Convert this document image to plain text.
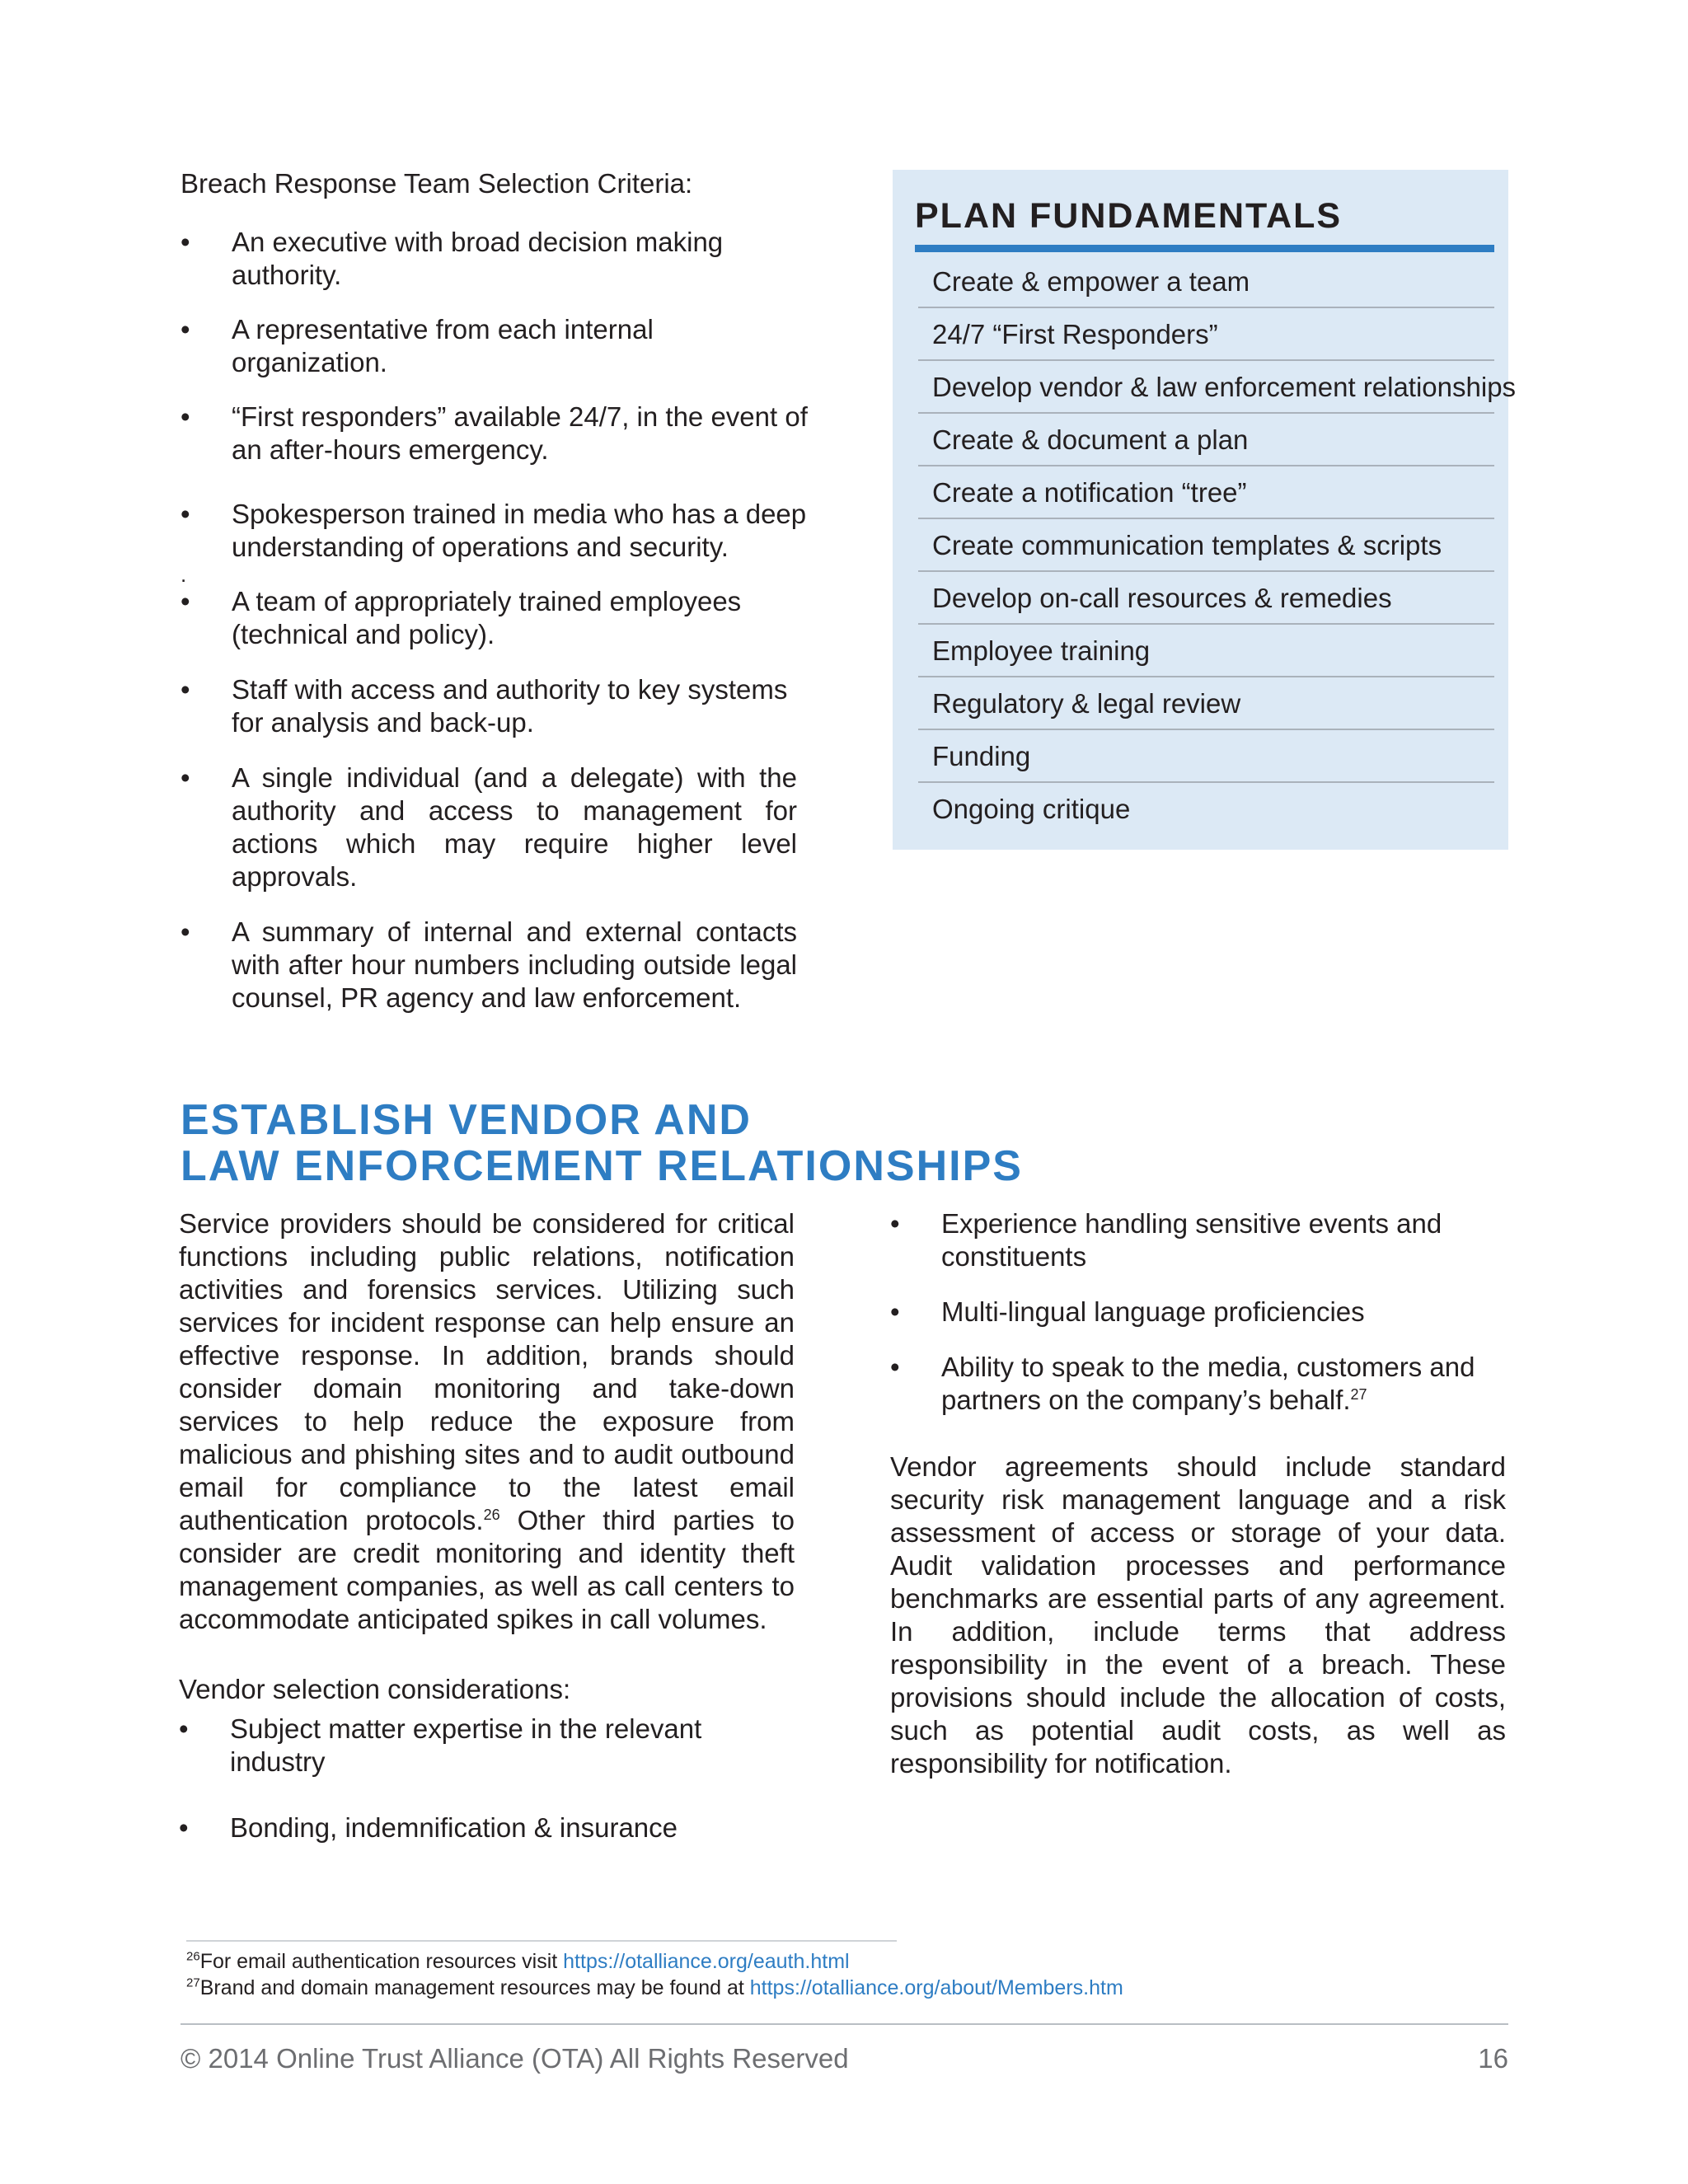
Breach Response Team Selection Criteria:
•	An executive with broad decision making authority.
•	A representative from each internal organization.
•	“First responders” available 24/7, in the event of an after-hours emergency.
•	Spokesperson trained in media who has a deep understanding of operations and security.
•	A team of appropriately trained employees (technical and policy).
•	Staff with access and authority to key systems for analysis and back-up.
•	A single individual (and a delegate) with the authority and access to management for actions which may require higher level approvals.
•	A summary of internal and external contacts with after hour numbers including outside legal counsel, PR agency and law enforcement.
.
PLAN FUNDAMENTALS
Create & empower a team
24/7 “First Responders”
Develop vendor & law enforcement relationships
Create & document a plan
Create a notification “tree”
Create communication templates & scripts
Develop on-call resources & remedies
Employee training
Regulatory & legal review
Funding
Ongoing critique
ESTABLISH VENDOR AND
LAW ENFORCEMENT RELATIONSHIPS
Service providers should be considered for critical functions including public relations, notification activities and forensics services. Utilizing such services for incident response can help ensure an effective response. In addition, brands should consider domain monitoring and take-down services to help reduce the exposure from malicious and phishing sites and to audit outbound email for compliance to the latest email authentication protocols.$^{26}$ Other third parties to consider are credit monitoring and identity theft management companies, as well as call centers to accommodate anticipated spikes in call volumes.
Vendor selection considerations:
•	Subject matter expertise in the relevant industry
•	Bonding, indemnification & insurance
•	Experience handling sensitive events and constituents
•	Multi-lingual language proficiencies
•	Ability to speak to the media, customers and partners on the company’s behalf.$^{27}$
Vendor agreements should include standard security risk management language and a risk assessment of access or storage of your data. Audit validation processes and performance benchmarks are essential parts of any agreement. In addition, include terms that address responsibility in the event of a breach. These provisions should include the allocation of costs, such as potential audit costs, as well as responsibility for notification.
$^{26}$For email authentication resources visit https://otalliance.org/eauth.html
$^{27}$Brand and domain management resources may be found at https://otalliance.org/about/Members.htm
© 2014 Online Trust Alliance (OTA) All Rights Reserved	16
